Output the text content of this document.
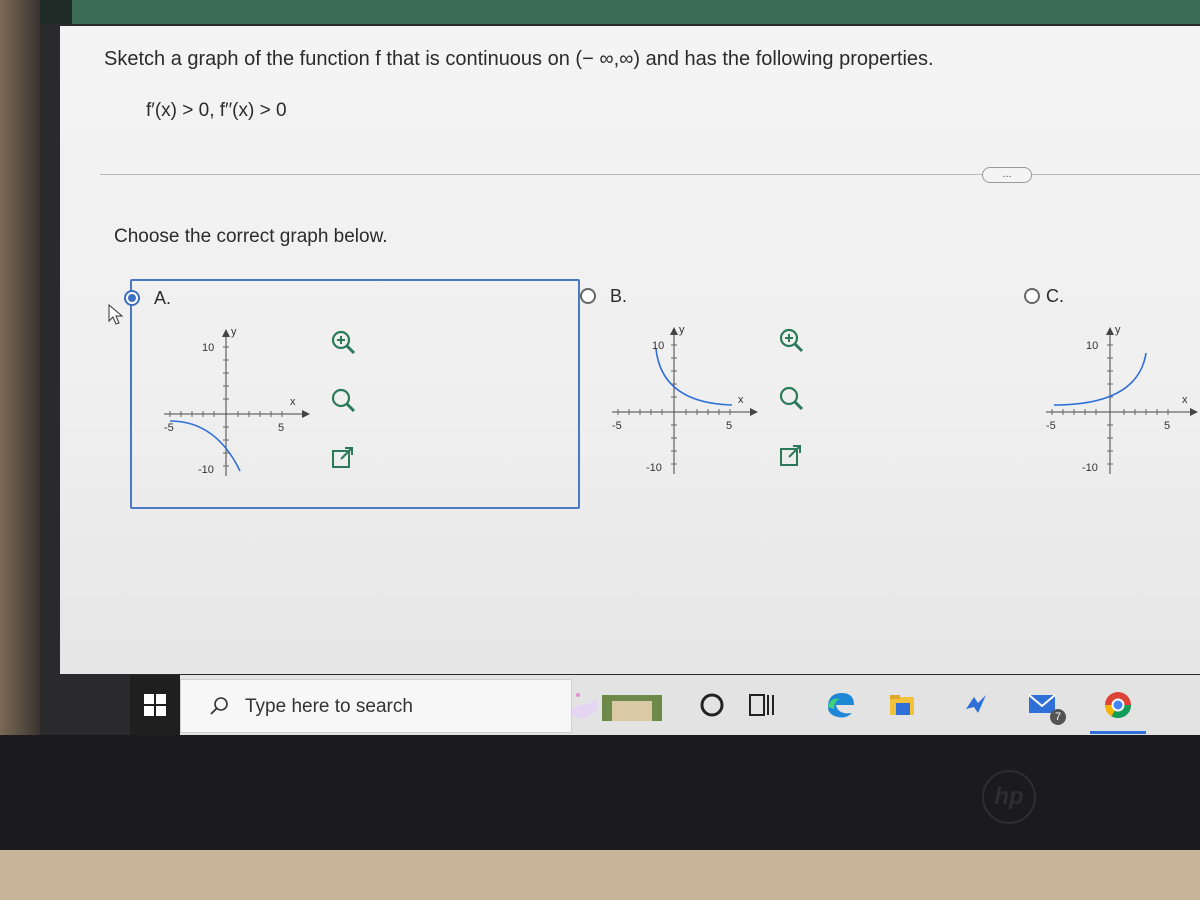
Sketch a graph of the function f that is continuous on (− ∞,∞) and has the following properties.
f′(x) > 0, f′′(x) > 0
...
Choose the correct graph below.
A.
y
10
-10
-5	5
x
B.
y
10
-10
-5	5
x
C.
y
10
-10
-5	5
x
Type here to search	7
hp
